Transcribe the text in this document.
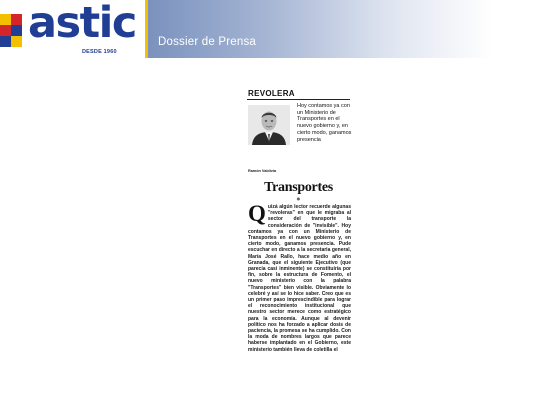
astic
DESDE 1960
Dossier de Prensa
REVOLERA
Hoy contamos ya con un Ministerio de Transportes en el nuevo gobierno y, en cierto modo, ganamos presencia
Ramón Valdivia
Transportes
●
Q uizá algún lector recuerde algunas "revoleras" en que le migraba al sector del transporte la consideración de "invisible". Hoy contamos ya con un Ministerio de Transportes en el nuevo gobierno y, en cierto modo, ganamos presencia. Pude escuchar en directo a la secretaria general, María José Rallo, hace medio año en Granada, que el siguiente Ejecutivo (que parecía casi inminente) se constituiría por fin, sobre la estructura de Fomento, el nuevo ministerio con la palabra "Transportes" bien visible. Obviamente lo celebré y así se lo hice saber. Creo que es un primer paso imprescindible para lograr el reconocimiento institucional que nuestro sector merece como estratégico para la economía. Aunque al devenir político nos ha forzado a aplicar dosis de paciencia, la promesa se ha cumplido. Con la moda de nombres largos que parece haberse implantado en el Gobierno, este ministerio también lleva de coletilla el
